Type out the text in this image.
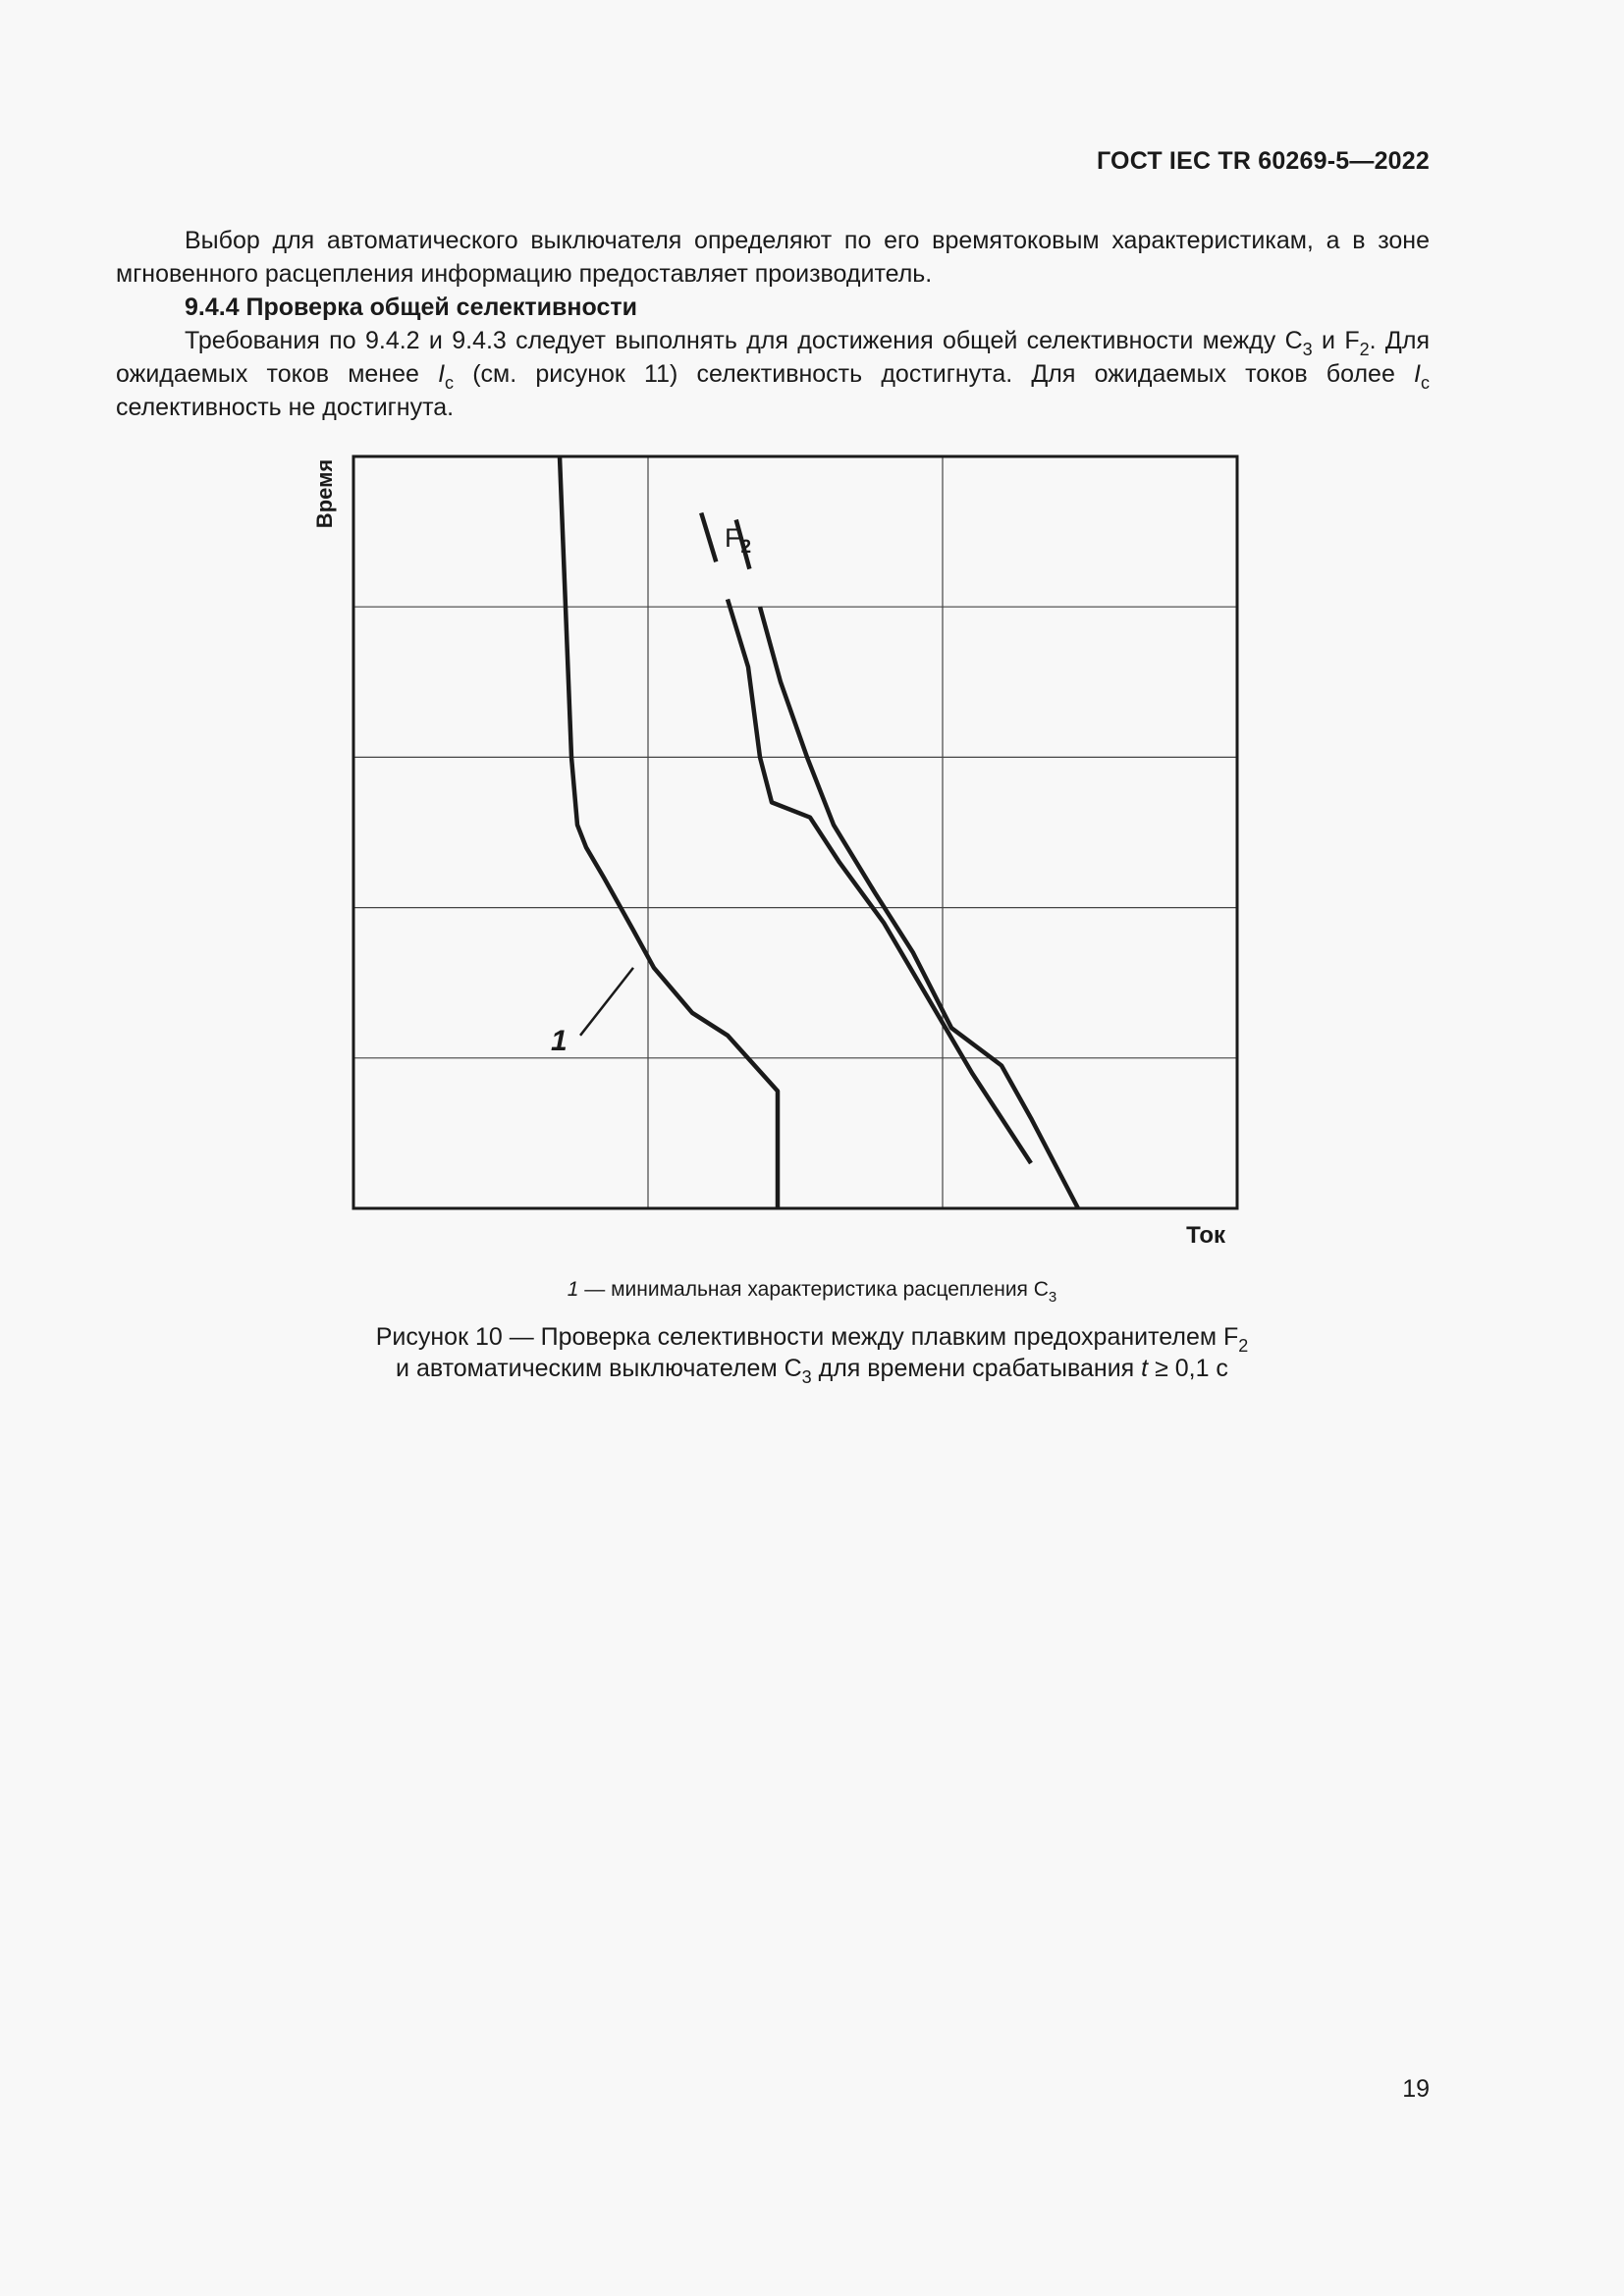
ГОСТ IEC TR 60269-5—2022

Выбор для автоматического выключателя определяют по его времятоковым характеристикам, а в зоне мгновенного расцепления информацию предоставляет производитель.

9.4.4 Проверка общей селективности

Требования по 9.4.2 и 9.4.3 следует выполнять для достижения общей селективности между $C_3$ и $F_2$. Для ожидаемых токов менее $I_c$ (см. рисунок 11) селективность достигнута. Для ожидаемых токов более $I_c$ селективность не достигнута.

1
$F_2$
Время
Ток
1 — минимальная характеристика расцепления $C_3$
Рисунок 10 — Проверка селективности между плавким предохранителем $F_2$
и автоматическим выключателем $C_3$ для времени срабатывания t ≥ 0,1 с
19
